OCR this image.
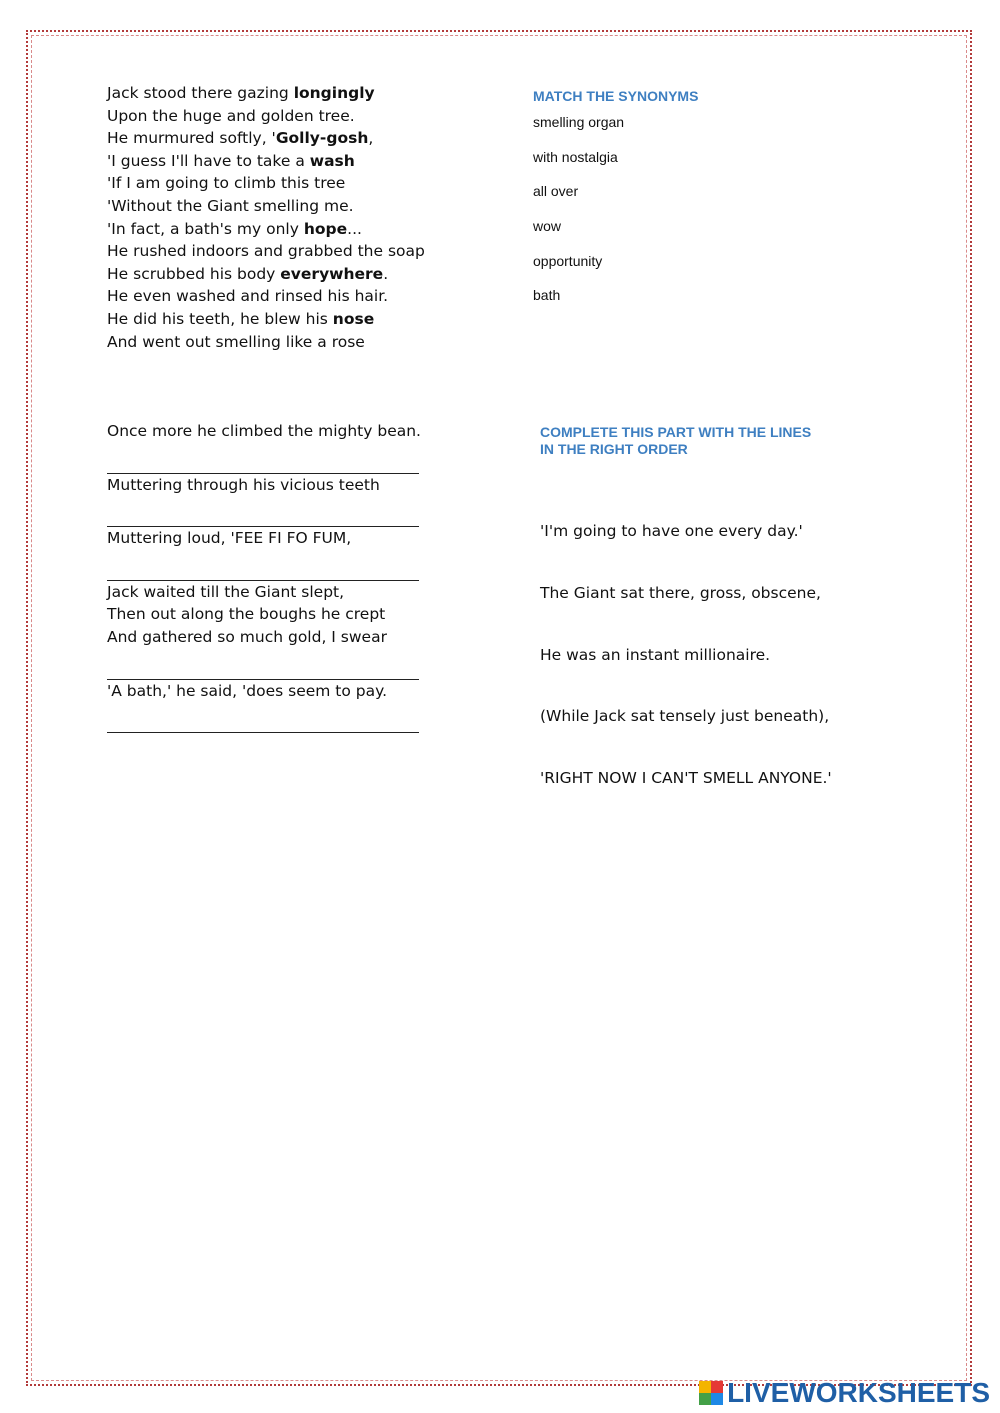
Jack stood there gazing longingly
Upon the huge and golden tree.
He murmured softly, 'Golly-gosh,
'I guess I'll have to take a wash
'If I am going to climb this tree
'Without the Giant smelling me.
'In fact, a bath's my only hope...
He rushed indoors and grabbed the soap
He scrubbed his body everywhere.
He even washed and rinsed his hair.
He did his teeth, he blew his nose
And went out smelling like a rose
MATCH THE SYNONYMS
smelling organ
with nostalgia
all over
wow
opportunity
bath
Once more he climbed the mighty bean.
Muttering through his vicious teeth
Muttering loud, 'FEE FI FO FUM,
Jack waited till the Giant slept,
Then out along the boughs he crept
And gathered so much gold, I swear
'A bath,' he said, 'does seem to pay.
COMPLETE THIS PART WITH THE LINES
IN THE RIGHT ORDER
'I'm going to have one every day.'
The Giant sat there, gross, obscene,
He was an instant millionaire.
(While Jack sat tensely just beneath),
'RIGHT NOW I CAN'T SMELL ANYONE.'
LIVEWORKSHEETS
